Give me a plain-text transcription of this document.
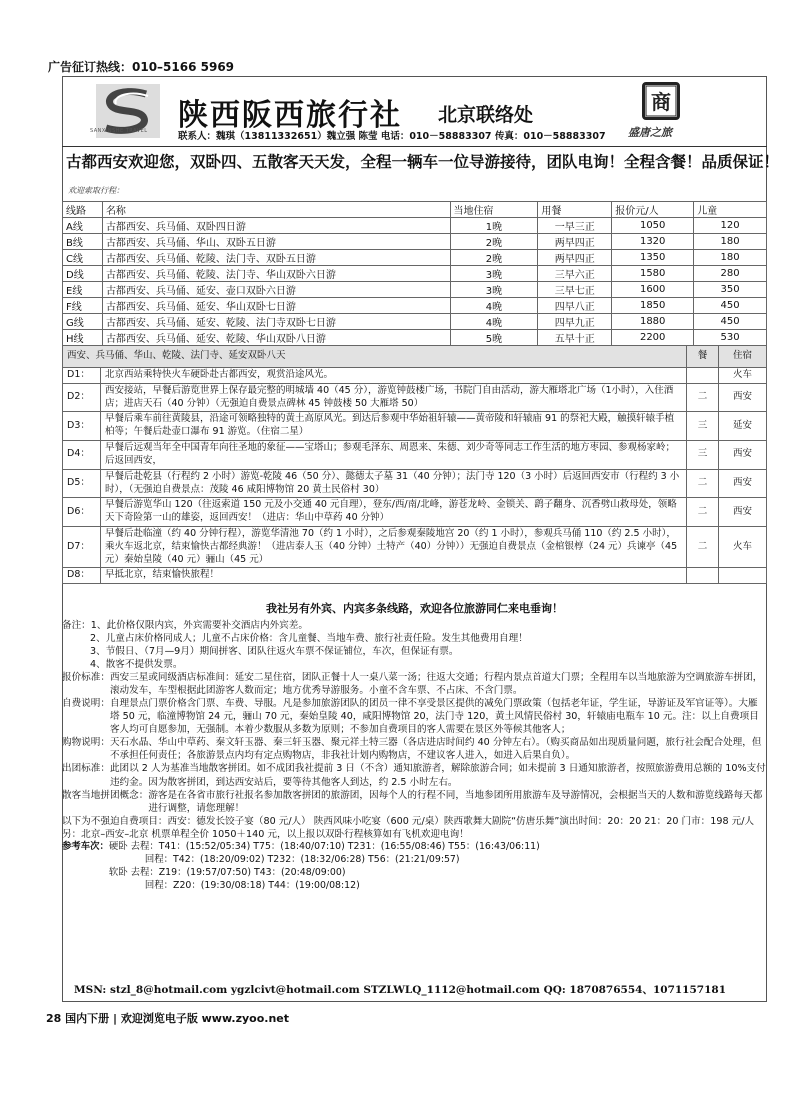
广告征订热线：010–5166 5969
SANXINSHE TRAVEL 陕西阪西旅行社 北京联络处
联系人：魏琪（13811332651）魏立强 陈莹 电话：010－58883307 传真：010－58883307
商
盛唐之旅
古都西安欢迎您，双卧四、五散客天天发，全程一辆车一位导游接待，团队电询！全程含餐！品质保证！
欢迎索取行程：
线路	名称	当地住宿	用餐	报价元/人	儿童
A线	古都西安、兵马俑、双卧四日游	1晚	一早三正	1050	120
B线	古都西安、兵马俑、华山、双卧五日游	2晚	两早四正	1320	180
C线	古都西安、兵马俑、乾陵、法门寺、双卧五日游	2晚	两早四正	1350	180
D线	古都西安、兵马俑、乾陵、法门寺、华山双卧六日游	3晚	三早六正	1580	280
E线	古都西安、兵马俑、延安、壶口双卧六日游	3晚	三早七正	1600	350
F线	古都西安、兵马俑、延安、华山双卧七日游	4晚	四早八正	1850	450
G线	古都西安、兵马俑、延安、乾陵、法门寺双卧七日游	4晚	四早九正	1880	450
H线	古都西安、兵马俑、延安、乾陵、华山双卧八日游	5晚	五早十正	2200	530
西安、兵马俑、华山、乾陵、法门寺、延安双卧八天		餐	住宿
D1：	北京西站乘特快火车硬卧赴古都西安，观赏沿途风光。		火车
D2：	西安接站，早餐后游览世界上保存最完整的明城墙 40（45 分），游览钟鼓楼广场，书院门自由活动，游大雁塔北广场（1小时），入住酒店；进店天石（40 分钟）（无强迫自费景点碑林 45 钟鼓楼 50 大雁塔 50）	二	西安
D3：	早餐后乘车前往黄陵县，沿途可领略独特的黄土高原风光。到达后参观中华始祖轩辕——黄帝陵和轩辕庙 91 的祭祀大殿，触摸轩辕手植柏等；午餐后赴壶口瀑布 91 游览。（住宿二星）	三	延安
D4：	早餐后远观当年全中国青年向往圣地的象征——宝塔山；参观毛泽东、周恩来、朱德、刘少奇等同志工作生活的地方枣园、参观杨家岭；后返回西安，	三	西安
D5：	早餐后赴乾县（行程约 2 小时）游览-乾陵 46（50 分）、懿德太子墓 31（40 分钟）；法门寺 120（3 小时）后返回西安市（行程约 3 小时），（无强迫自费景点：茂陵 46 咸阳博物馆 20 黄土民俗村 30）	二	西安
D6：	早餐后游览华山 120（往返索道 150 元及小交通 40 元自理），登东/西/南/北峰，游苍龙岭、金锁关、鹞子翻身、沉香劈山救母处，领略天下奇险第一山的雄姿，返回西安！（进店：华山中草药 40 分钟）	二	西安
D7：	早餐后赴临潼（约 40 分钟行程），游览华清池 70（约 1 小时），之后参观秦陵地宫 20（约 1 小时），参观兵马俑 110（约 2.5 小时），乘火车返北京，结束愉快古都经典游！（进店泰人玉（40 分钟）土特产（40）分钟））无强迫自费景点（金棺银椁（24 元）兵谏亭（45 元）秦始皇陵（40 元）骊山（45 元）	二	火车
D8：	早抵北京，结束愉快旅程！		
我社另有外宾、内宾多条线路，欢迎各位旅游同仁来电垂询！
备注： 1、此价格仅限内宾，外宾需要补交酒店内外宾差。
2、儿童占床价格同成人；儿童不占床价格：含儿童餐、当地车费、旅行社责任险。发生其他费用自理！
3、节假日、（7月—9月）期间拼客、团队往返火车票不保证铺位，车次，但保证有票。
4、散客不提供发票。
报价标准： 西安三星或同级酒店标准间：延安二星住宿，团队正餐十人一桌八菜一汤；往返大交通；行程内景点首道大门票；全程用车以当地旅游为空调旅游车拼团，滚动发车，车型根据此团游客人数而定；地方优秀导游服务。小童不含车票、不占床、不含门票。
自费说明： 自理景点门票价格含门票、车费、导服。凡是参加旅游团队的团员一律不享受景区提供的减免门票政策（包括老年证，学生证，导游证及军官证等）。大雁塔 50 元，临潼博物馆 24 元，骊山 70 元，秦始皇陵 40，咸阳博物馆 20，法门寺 120，黄土风情民俗村 30，轩辕庙电瓶车 10 元。注：以上自费项目客人均可自愿参加，无强制。本着少数服从多数为原则；不参加自费项目的客人需要在景区外等候其他客人；
购物说明： 天石水晶、华山中草药、秦文轩玉器、秦三轩玉器、聚元祥土特三器（各店进店时间约 40 分钟左右）。（购买商品如出现质量问题，旅行社会配合处理，但不承担任何责任；各旅游景点内均有定点购物店，非我社计划内购物店，不建议客人进入，如进入后果自负）。
出团标准： 此团以 2 人为基准当地散客拼团。如不成团我社提前 3 日（不含）通知旅游者，解除旅游合同；如未提前 3 日通知旅游者，按照旅游费用总额的 10%支付违约金。因为散客拼团，到达西安站后，要等待其他客人到达，约 2.5 小时左右。
散客当地拼团概念： 游客是在各省市旅行社报名参加散客拼团的旅游团，因每个人的行程不同，当地参团所用旅游车及导游情况，会根据当天的人数和游览线路每天都进行调整，请您理解！
以下为不强迫自费项目： 西安：德发长饺子宴（80 元/人） 陕西风味小吃宴（600 元/桌）陕西歌舞大剧院“仿唐乐舞”演出时间：20：20 21：20 门市：198 元/人
另：北京–西安–北京 机票单程全价 1050＋140 元，以上报以双卧行程核算如有飞机欢迎电询！
参考车次： 硬卧 去程：T41：(15:52/05:34) T75：(18:40/07:10) T231：(16:55/08:46) T55：(16:43/06:11)
回程：T42：(18:20/09:02) T232：(18:32/06:28) T56：(21:21/09:57)
软卧 去程：Z19：(19:57/07:50) T43：(20:48/09:00)
回程：Z20：(19:30/08:18) T44：(19:00/08:12)
MSN: stzl_8@hotmail.com ygzlcivt@hotmail.com STZLWLQ_1112@hotmail.com QQ: 1870876554、1071157181
28 国内下册 | 欢迎浏览电子版 www.zyoo.net
